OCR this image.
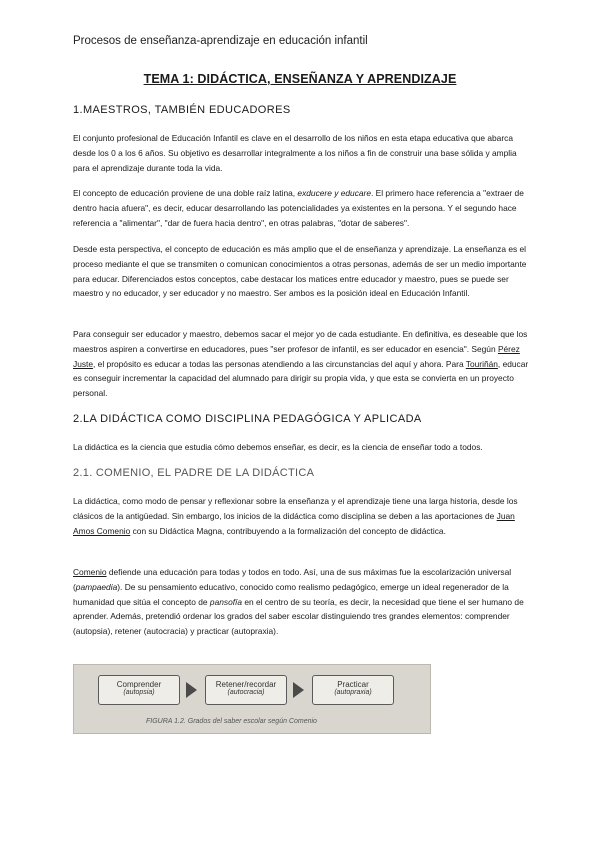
Procesos de enseñanza-aprendizaje en educación infantil
TEMA 1: DIDÁCTICA, ENSEÑANZA Y APRENDIZAJE
1.MAESTROS, TAMBIÉN EDUCADORES
El conjunto profesional de Educación Infantil es clave en el desarrollo de los niños en esta etapa educativa que abarca desde los 0 a los 6 años. Su objetivo es desarrollar integralmente a los niños a fin de construir una base sólida y amplia para el aprendizaje durante toda la vida.
El concepto de educación proviene de una doble raíz latina, exducere y educare. El primero hace referencia a "extraer de dentro hacia afuera", es decir, educar desarrollando las potencialidades ya existentes en la persona. Y el segundo hace referencia a "alimentar", "dar de fuera hacia dentro", en otras palabras, "dotar de saberes".
Desde esta perspectiva, el concepto de educación es más amplio que el de enseñanza y aprendizaje. La enseñanza es el proceso mediante el que se transmiten o comunican conocimientos a otras personas, además de ser un medio importante para educar. Diferenciados estos conceptos, cabe destacar los matices entre educador y maestro, pues se puede ser maestro y no educador, y ser educador y no maestro. Ser ambos es la posición ideal en Educación Infantil.
Para conseguir ser educador y maestro, debemos sacar el mejor yo de cada estudiante. En definitiva, es deseable que los maestros aspiren a convertirse en educadores, pues "ser profesor de infantil, es ser educador en esencia". Según Pérez Juste, el propósito es educar a todas las personas atendiendo a las circunstancias del aquí y ahora. Para Touriñán, educar es conseguir incrementar la capacidad del alumnado para dirigir su propia vida, y que esta se convierta en un proyecto personal.
2.LA DIDÁCTICA COMO DISCIPLINA PEDAGÓGICA Y APLICADA
La didáctica es la ciencia que estudia cómo debemos enseñar, es decir, es la ciencia de enseñar todo a todos.
2.1. COMENIO, EL PADRE DE LA DIDÁCTICA
La didáctica, como modo de pensar y reflexionar sobre la enseñanza y el aprendizaje tiene una larga historia, desde los clásicos de la antigüedad. Sin embargo, los inicios de la didáctica como disciplina se deben a las aportaciones de Juan Amos Comenio con su Didáctica Magna, contribuyendo a la formalización del concepto de didáctica.
Comenio defiende una educación para todas y todos en todo. Así, una de sus máximas fue la escolarización universal (pampaedia). De su pensamiento educativo, conocido como realismo pedagógico, emerge un ideal regenerador de la humanidad que sitúa el concepto de pansofía en el centro de su teoría, es decir, la necesidad que tiene el ser humano de aprender. Además, pretendió ordenar los grados del saber escolar distinguiendo tres grandes elementos: comprender (autopsia), retener (autocracia) y practicar (autopraxia).
Comprender
(autopsia)
Retener/recordar
(autocracia)
Practicar
(autopraxia)
FIGURA 1.2. Grados del saber escolar según Comenio
